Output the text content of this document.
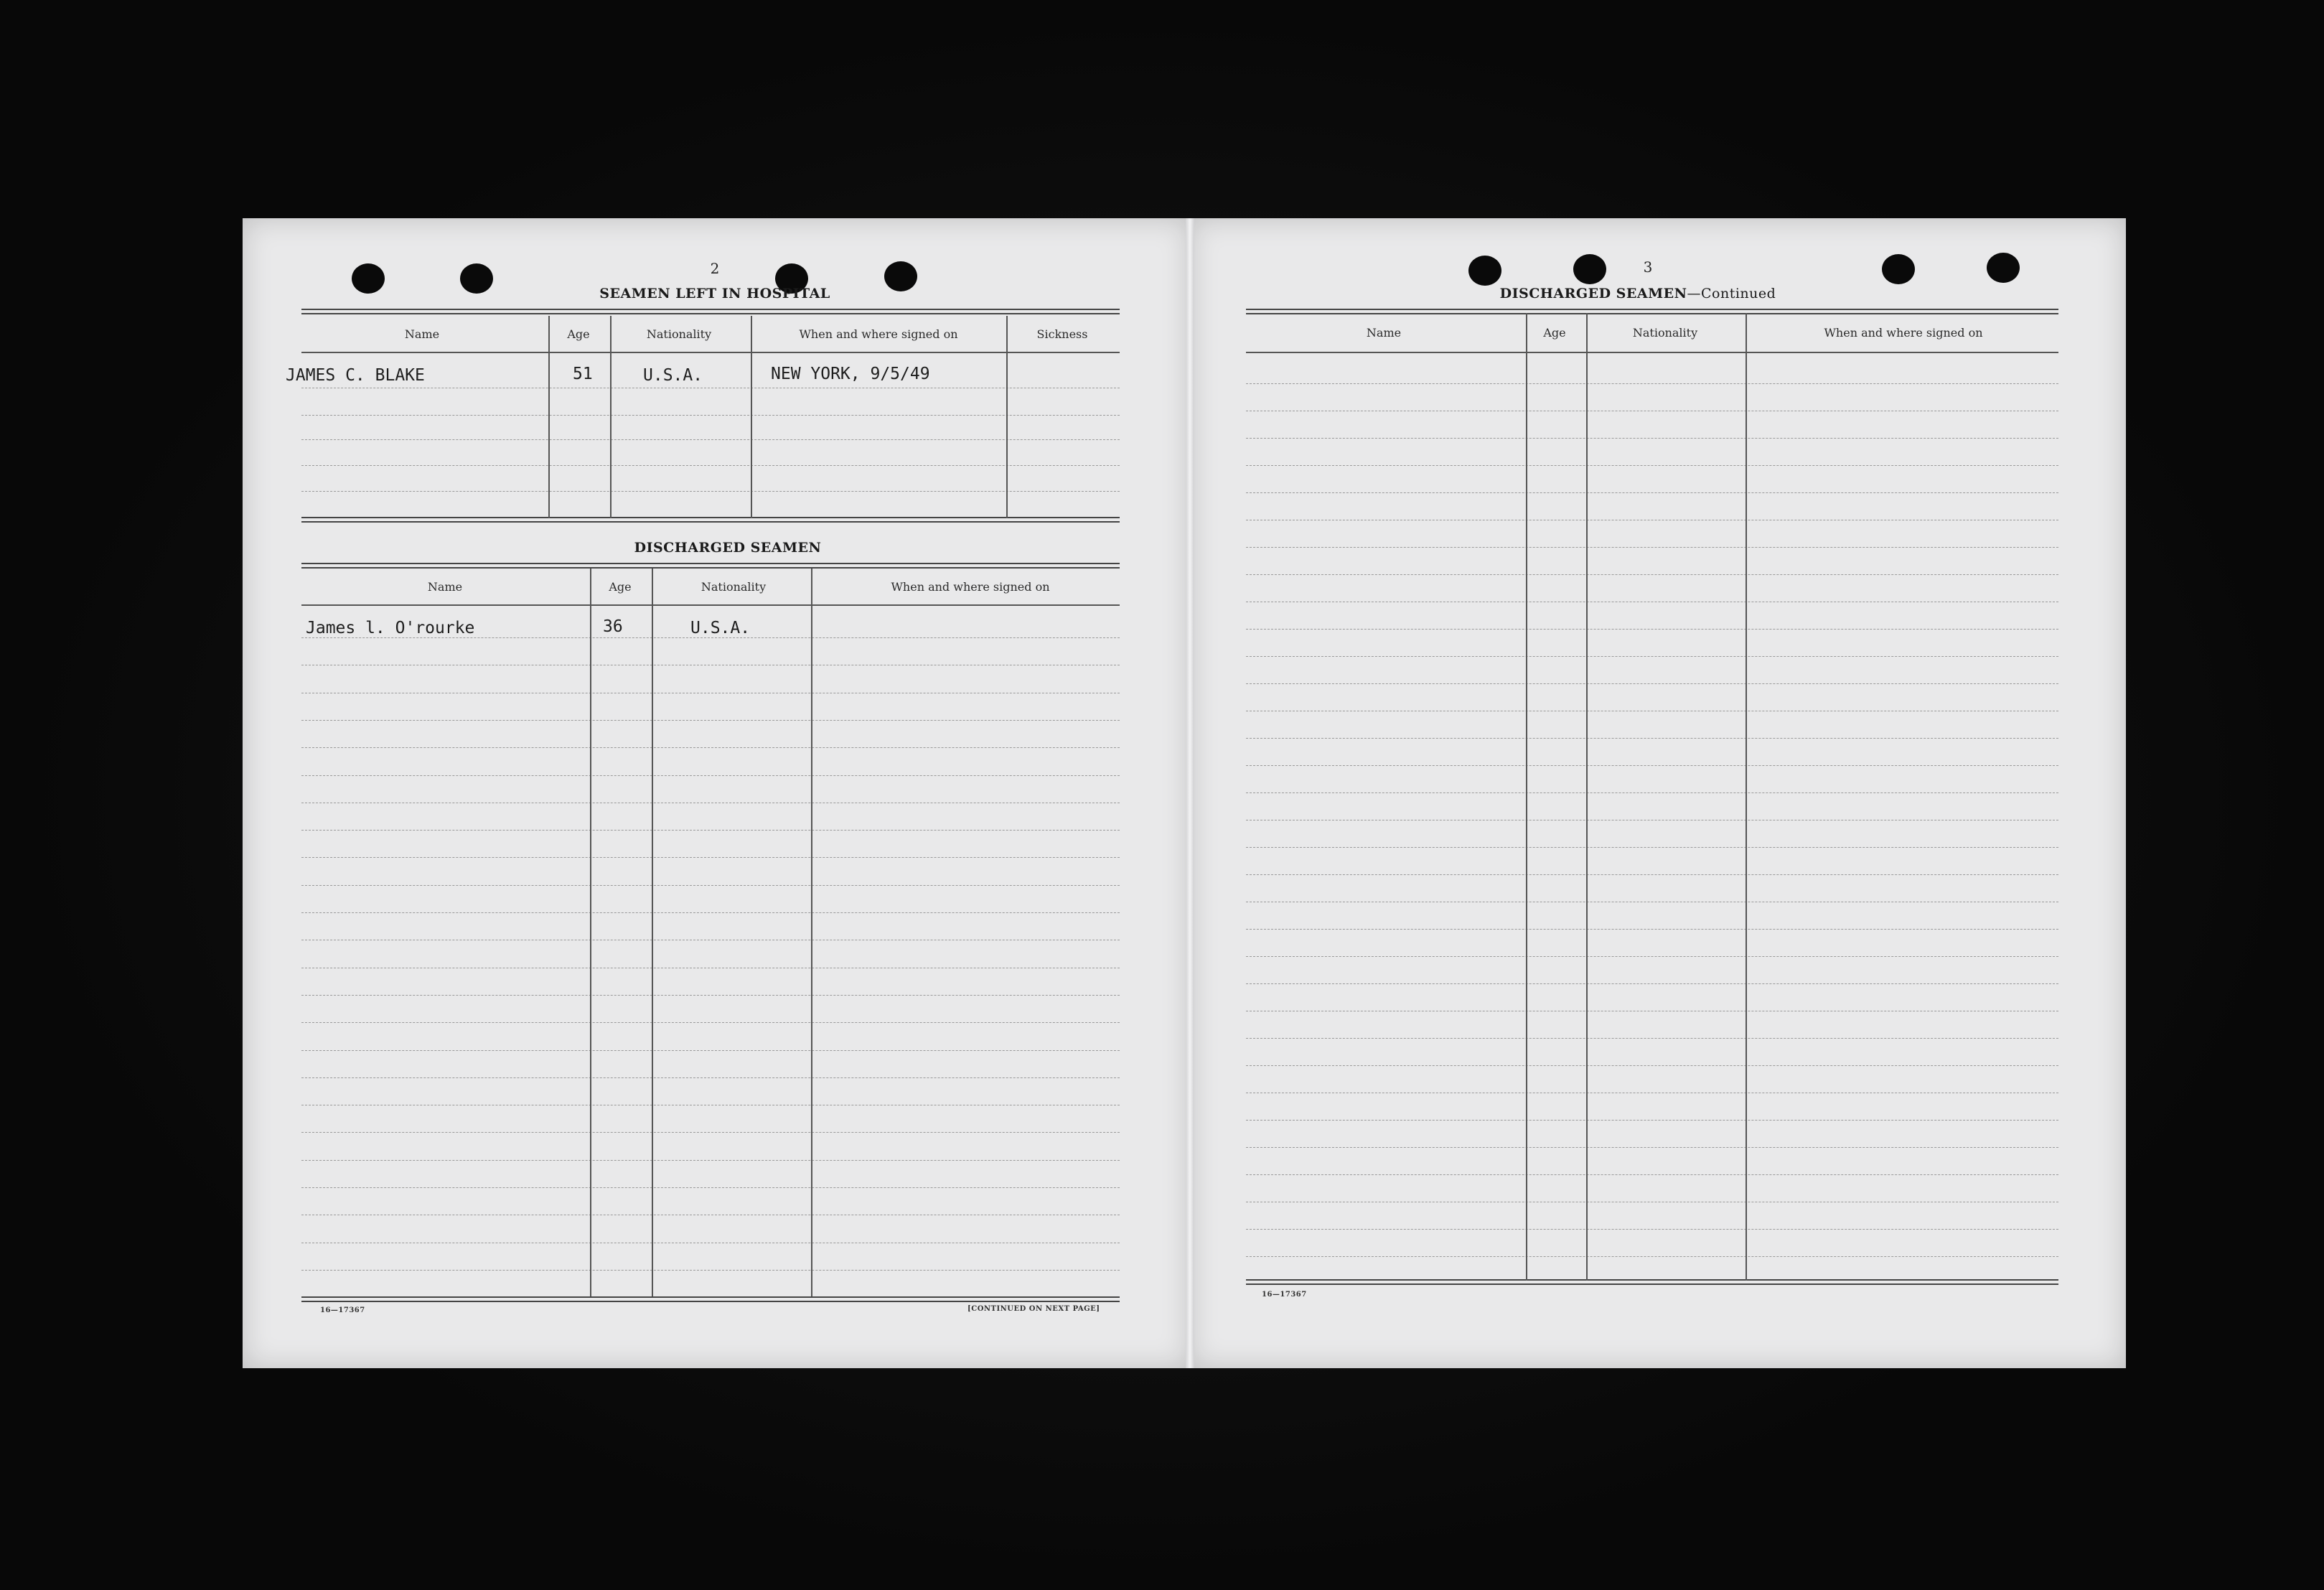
2
SEAMEN LEFT IN HOSPITAL
Name	Age	Nationality	When and where signed on	Sickness
JAMES C. BLAKE	51	U.S.A.	NEW YORK, 9/5/49
DISCHARGED SEAMEN
Name	Age	Nationality	When and where signed on
James l. O'rourke	36	U.S.A.
16—17367	[CONTINUED ON NEXT PAGE]
3
DISCHARGED SEAMEN—Continued
Name	Age	Nationality	When and where signed on
16—17367
